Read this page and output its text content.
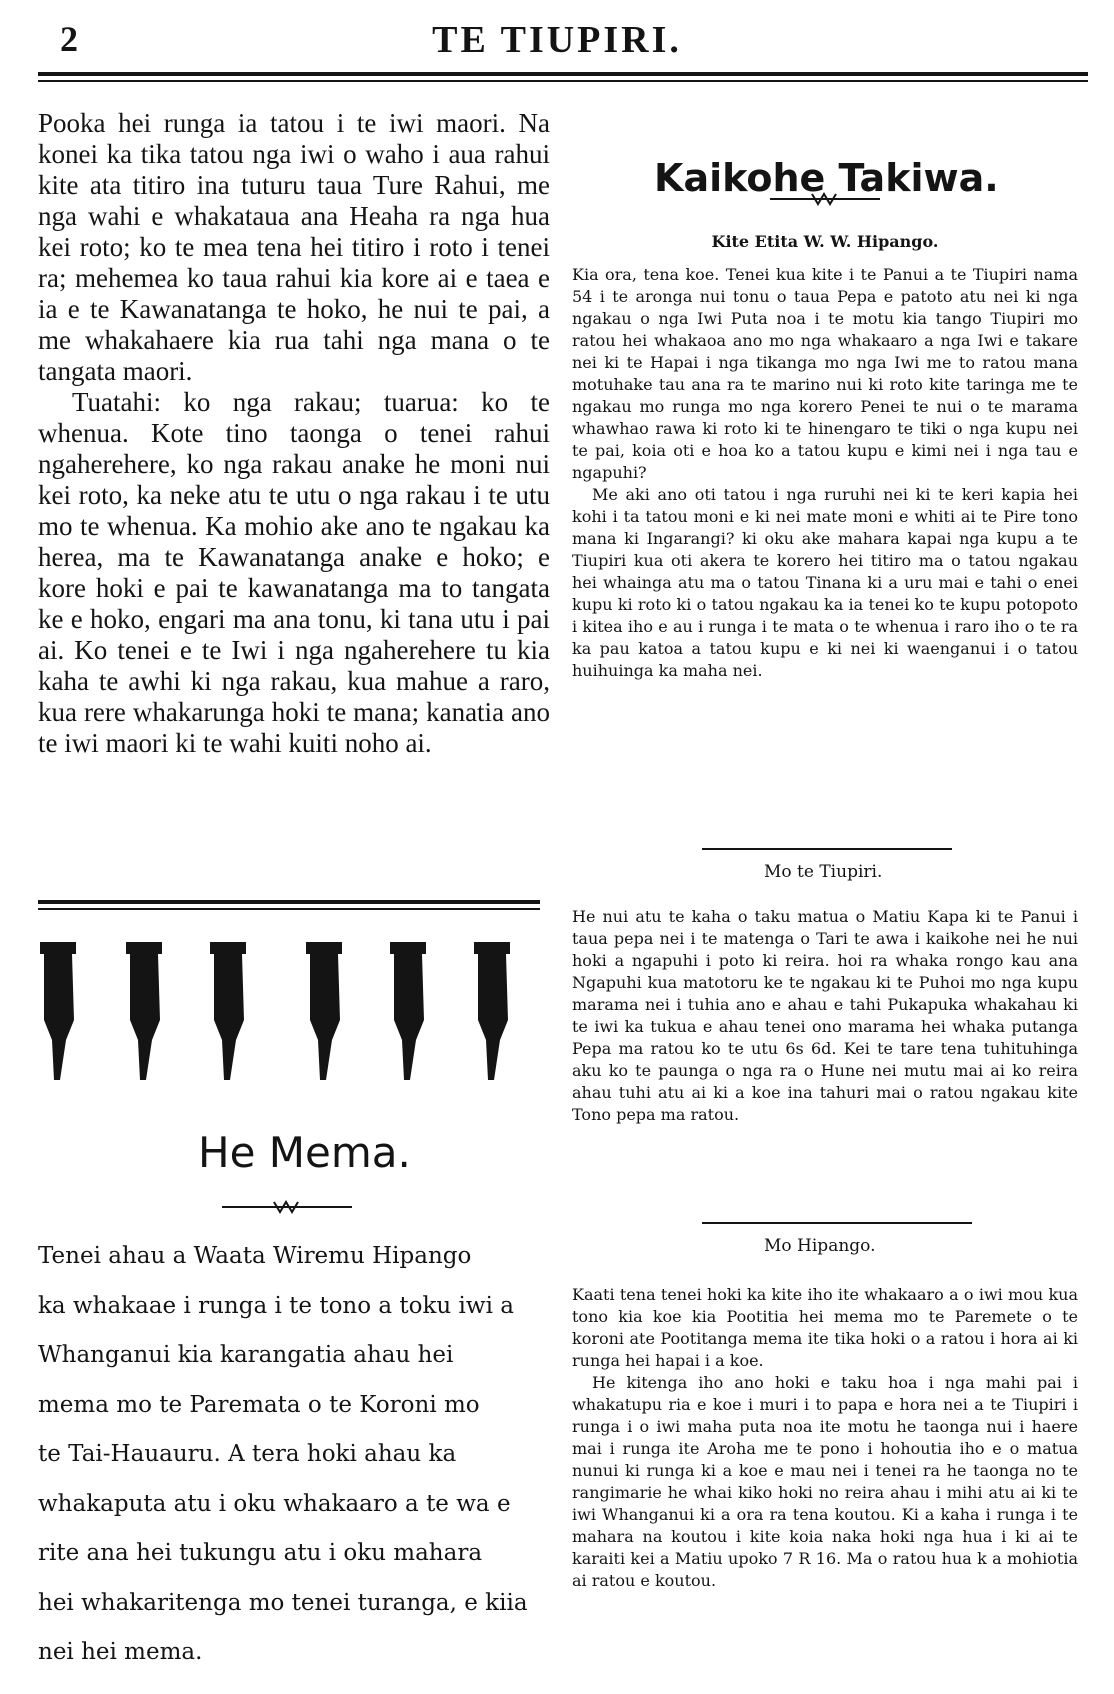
2	TE TIUPIRI.

Pooka hei runga ia tatou i te iwi maori. Na konei ka tika tatou nga iwi o waho i aua rahui kite ata titiro ina tuturu taua Ture Rahui, me nga wahi e whakataua ana Heaha ra nga hua kei roto; ko te mea tena hei titiro i roto i tenei ra; mehemea ko taua rahui kia kore ai e taea e ia e te Kawanatanga te hoko, he nui te pai, a me whakahaere kia rua tahi nga mana o te tangata maori.

Tuatahi: ko nga rakau; tuarua: ko te whenua. Kote tino taonga o tenei rahui ngaherehere, ko nga rakau anake he moni nui kei roto, ka neke atu te utu o nga rakau i te utu mo te whenua. Ka mohio ake ano te ngakau ka herea, ma te Kawanatanga anake e hoko; e kore hoki e pai te kawanatanga ma to tangata ke e hoko, engari ma ana tonu, ki tana utu i pai ai. Ko tenei e te Iwi i nga ngaherehere tu kia kaha te awhi ki nga rakau, kua mahue a raro, kua rere whakarunga hoki te mana; kanatia ano te iwi maori ki te wahi kuiti noho ai.

He Mema.
Tenei ahau a Waata Wiremu Hipango
ka whakaae i runga i te tono a toku iwi a
Whanganui kia karangatia ahau hei
mema mo te Paremata o te Koroni mo
te Tai-Hauauru. A tera hoki ahau ka
whakaputa atu i oku whakaaro a te wa e
rite ana hei tukungu atu i oku mahara
hei whakaritenga mo tenei turanga, e kiia
nei hei mema.
Kaikohe Takiwa.
Kite Etita W. W. Hipango.

Kia ora, tena koe. Tenei kua kite i te Panui a te Tiupiri nama 54 i te aronga nui tonu o taua Pepa e patoto atu nei ki nga ngakau o nga Iwi Puta noa i te motu kia tango Tiupiri mo ratou hei whakaoa ano mo nga whakaaro a nga Iwi e takare nei ki te Hapai i nga tikanga mo nga Iwi me to ratou mana motuhake tau ana ra te marino nui ki roto kite taringa me te ngakau mo runga mo nga korero Penei te nui o te marama whawhao rawa ki roto ki te hinengaro te tiki o nga kupu nei te pai, koia oti e hoa ko a tatou kupu e kimi nei i nga tau e ngapuhi?

Me aki ano oti tatou i nga ruruhi nei ki te keri kapia hei kohi i ta tatou moni e ki nei mate moni e whiti ai te Pire tono mana ki Ingarangi? ki oku ake mahara kapai nga kupu a te Tiupiri kua oti akera te korero hei titiro ma o tatou ngakau hei whainga atu ma o tatou Tinana ki a uru mai e tahi o enei kupu ki roto ki o tatou ngakau ka ia tenei ko te kupu potopoto i kitea iho e au i runga i te mata o te whenua i raro iho o te ra ka pau katoa a tatou kupu e ki nei ki waenganui i o tatou huihuinga ka maha nei.

Mo te Tiupiri.

He nui atu te kaha o taku matua o Matiu Kapa ki te Panui i taua pepa nei i te matenga o Tari te awa i kaikohe nei he nui hoki a ngapuhi i poto ki reira. hoi ra whaka rongo kau ana Ngapuhi kua matotoru ke te ngakau ki te Puhoi mo nga kupu marama nei i tuhia ano e ahau e tahi Pukapuka whakahau ki te iwi ka tukua e ahau tenei ono marama hei whaka putanga Pepa ma ratou ko te utu 6s 6d. Kei te tare tena tuhituhinga aku ko te paunga o nga ra o Hune nei mutu mai ai ko reira ahau tuhi atu ai ki a koe ina tahuri mai o ratou ngakau kite Tono pepa ma ratou.

Mo Hipango.

Kaati tena tenei hoki ka kite iho ite whakaaro a o iwi mou kua tono kia koe kia Pootitia hei mema mo te Paremete o te koroni ate Pootitanga mema ite tika hoki o a ratou i hora ai ki runga hei hapai i a koe.

He kitenga iho ano hoki e taku hoa i nga mahi pai i whakatupu ria e koe i muri i to papa e hora nei a te Tiupiri i runga i o iwi maha puta noa ite motu he taonga nui i haere mai i runga ite Aroha me te pono i hohoutia iho e o matua nunui ki runga ki a koe e mau nei i tenei ra he taonga no te rangimarie he whai kiko hoki no reira ahau i mihi atu ai ki te iwi Whanganui ki a ora ra tena koutou. Ki a kaha i runga i te mahara na koutou i kite koia naka hoki nga hua i ki ai te karaiti kei a Matiu upoko 7 R 16. Ma o ratou hua k a mohiotia ai ratou e koutou.
